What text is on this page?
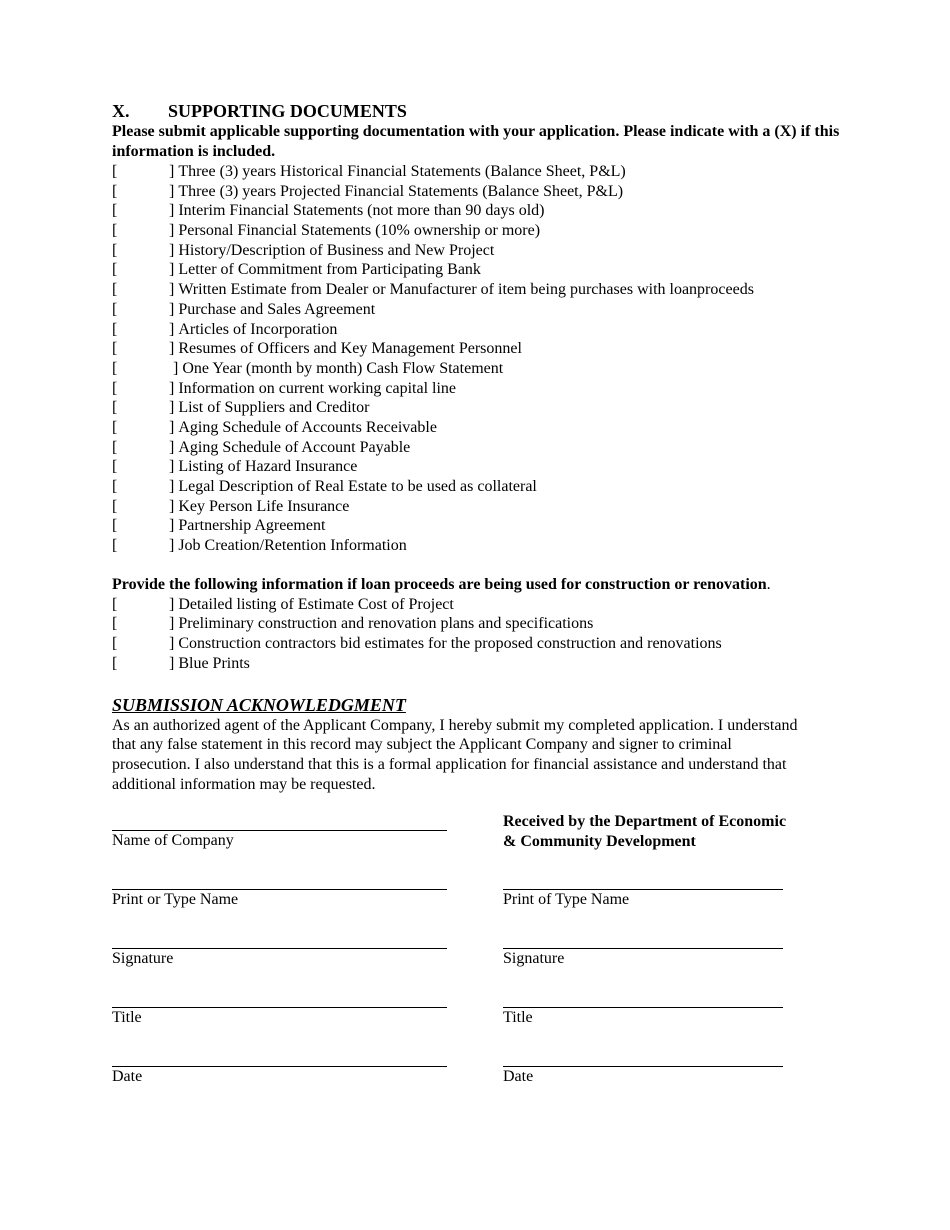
X.	SUPPORTING DOCUMENTS

Please submit applicable supporting documentation with your application. Please indicate with a (X) if this information is included.

[	] Three (3) years Historical Financial Statements (Balance Sheet, P&L)
[	] Three (3) years Projected Financial Statements (Balance Sheet, P&L)
[	] Interim Financial Statements (not more than 90 days old)
[	] Personal Financial Statements (10% ownership or more)
[	] History/Description of Business and New Project
[	] Letter of Commitment from Participating Bank
[	] Written Estimate from Dealer or Manufacturer of item being purchases with loanproceeds
[	] Purchase and Sales Agreement
[	] Articles of Incorporation
[	] Resumes of Officers and Key Management Personnel
[	] One Year (month by month) Cash Flow Statement
[	] Information on current working capital line
[	] List of Suppliers and Creditor
[	] Aging Schedule of Accounts Receivable
[	] Aging Schedule of Account Payable
[	] Listing of Hazard Insurance
[	] Legal Description of Real Estate to be used as collateral
[	] Key Person Life Insurance
[	] Partnership Agreement
[	] Job Creation/Retention Information
Provide the following information if loan proceeds are being used for construction or renovation.
[	] Detailed listing of Estimate Cost of Project
[	] Preliminary construction and renovation plans and specifications
[	] Construction contractors bid estimates for the proposed construction and renovations
[	] Blue Prints
SUBMISSION ACKNOWLEDGMENT

As an authorized agent of the Applicant Company, I hereby submit my completed application. I understand that any false statement in this record may subject the Applicant Company and signer to criminal prosecution. I also understand that this is a formal application for financial assistance and understand that additional information may be requested.

Name of Company
Print or Type Name
Signature
Title
Date
Received by the Department of Economic
& Community Development
Print of Type Name
Signature
Title
Date
